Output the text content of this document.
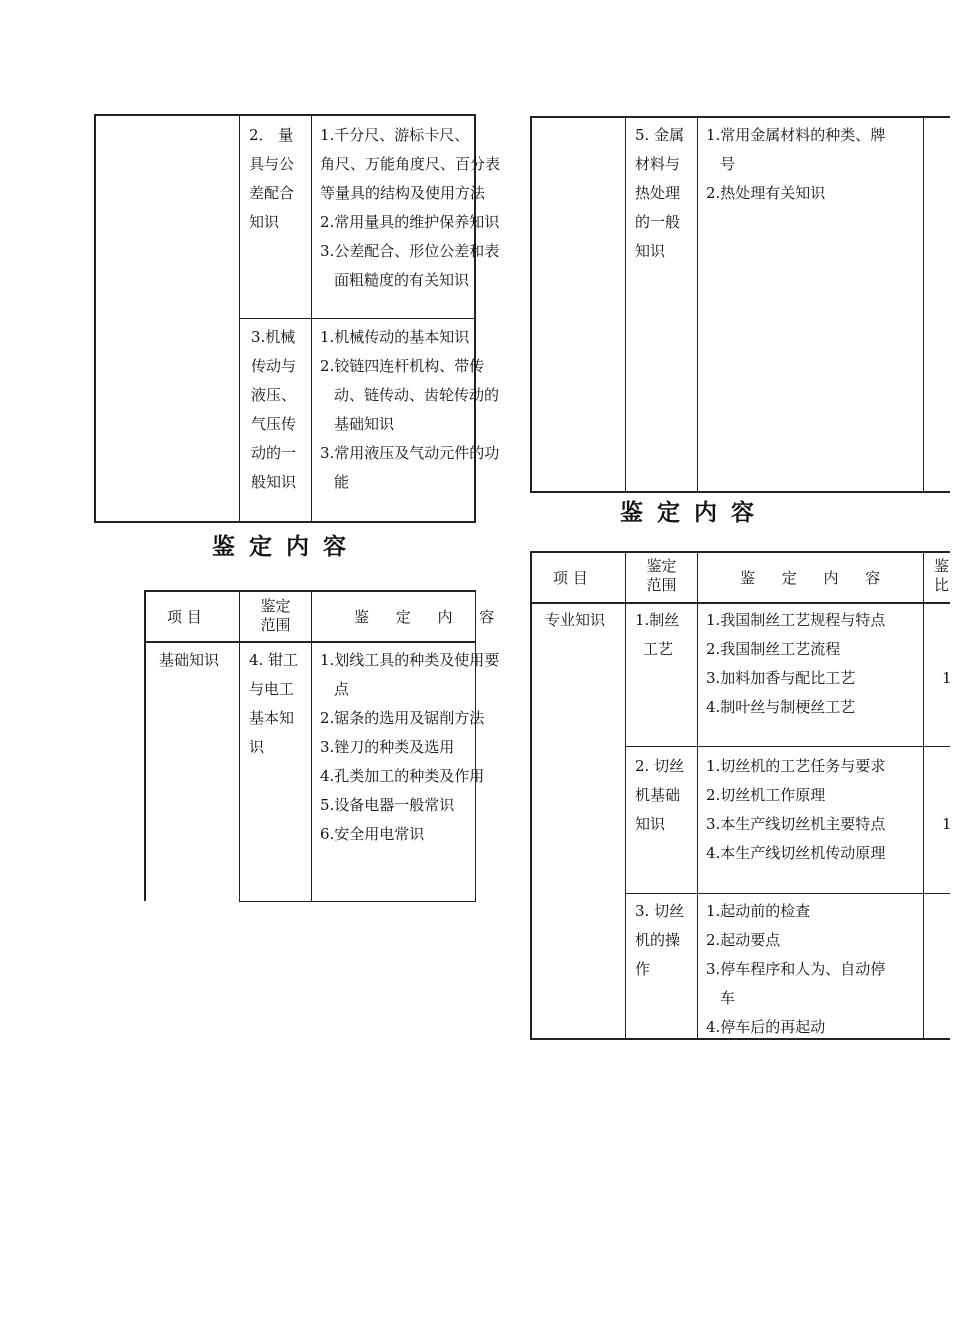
2． 量
具与公
差配合
知识
1.千分尺、游标卡尺、
角尺、万能角度尺、百分表
等量具的结构及使用方法
2.常用量具的维护保养知识
3.公差配合、形位公差和表
面粗糙度的有关知识
3.机械
传动与
液压、
气压传
动的一
般知识
1.机械传动的基本知识
2.铰链四连杆机构、带传
动、链传动、齿轮传动的
基础知识
3.常用液压及气动元件的功
能
鉴定内容
项 目
鉴定
范围	鉴 定 内 容
基础知识 4. 钳工
与电工
基本知
识
1.划线工具的种类及使用要
点
2.锯条的选用及锯削方法
3.锉刀的种类及选用
4.孔类加工的种类及作用
5.设备电器一般常识
6.安全用电常识
5. 金属
材料与
热处理
的一般
知识
1.常用金属材料的种类、牌
号
2.热处理有关知识
鉴定内容
项 目
鉴定
范围	鉴 定 内 容
鉴
比
专业知识 1.制丝
工艺
1.我国制丝工艺规程与特点
2.我国制丝工艺流程
3.加料加香与配比工艺
4.制叶丝与制梗丝工艺
1
2. 切丝
机基础
知识
1.切丝机的工艺任务与要求
2.切丝机工作原理
3.本生产线切丝机主要特点
4.本生产线切丝机传动原理
1
3. 切丝
机的操
作
1.起动前的检查
2.起动要点
3.停车程序和人为、自动停
车
4.停车后的再起动
